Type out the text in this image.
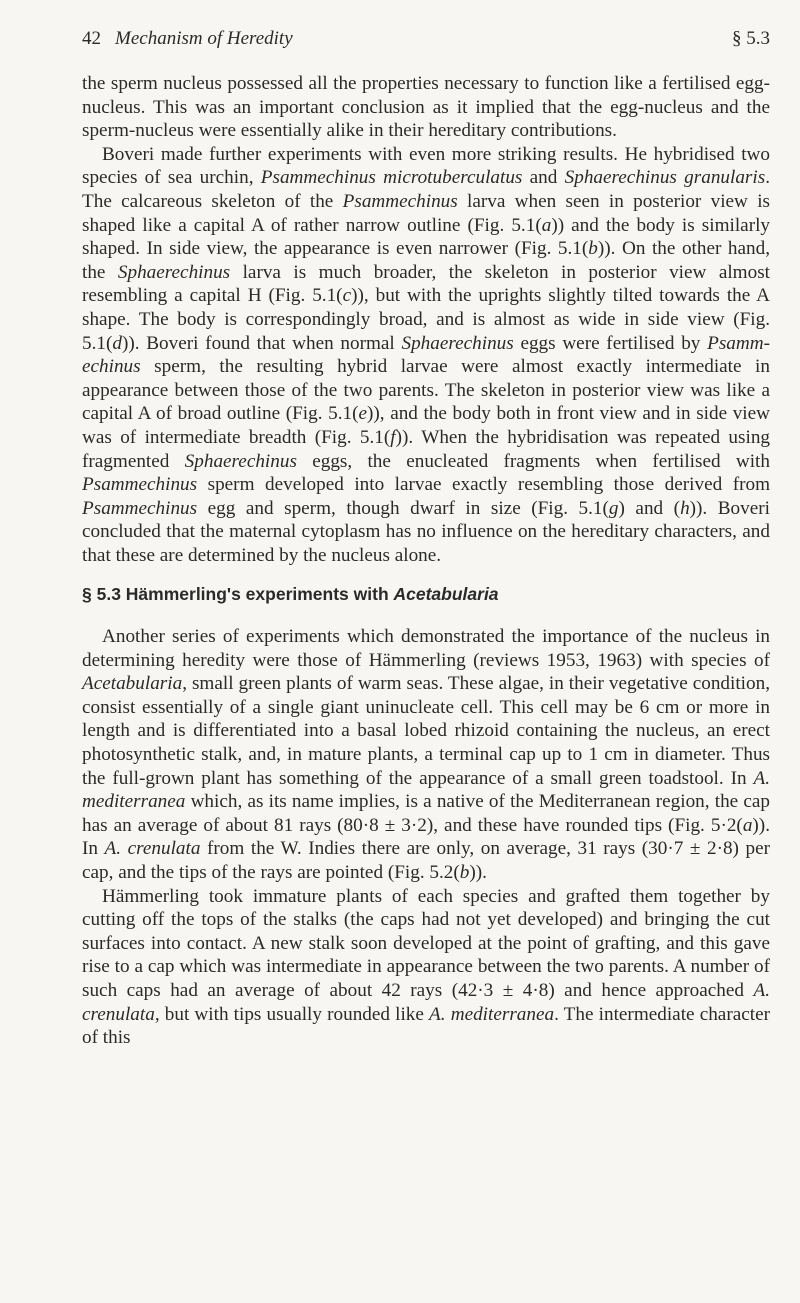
42 Mechanism of Heredity	§ 5.3

the sperm nucleus possessed all the properties necessary to function like a fertilised egg-nucleus. This was an important conclusion as it implied that the egg-nucleus and the sperm-nucleus were essentially alike in their hereditary contributions.

Boveri made further experiments with even more striking results. He hybridised two species of sea urchin, Psammechinus microtuberculatus and Sphaerechinus granularis. The calcareous skeleton of the Psammechinus larva when seen in posterior view is shaped like a capital A of rather narrow outline (Fig. 5.1(a)) and the body is similarly shaped. In side view, the appearance is even narrower (Fig. 5.1(b)). On the other hand, the Sphaerechinus larva is much broader, the skeleton in posterior view almost resembling a capital H (Fig. 5.1(c)), but with the uprights slightly tilted towards the A shape. The body is correspondingly broad, and is almost as wide in side view (Fig. 5.1(d)). Boveri found that when normal Sphaerechinus eggs were fertilised by Psamm-echinus sperm, the resulting hybrid larvae were almost exactly intermediate in appearance between those of the two parents. The skeleton in posterior view was like a capital A of broad outline (Fig. 5.1(e)), and the body both in front view and in side view was of intermediate breadth (Fig. 5.1(f)). When the hybridisation was repeated using fragmented Sphaerechinus eggs, the enucleated fragments when fertilised with Psammechinus sperm developed into larvae exactly resembling those derived from Psammechinus egg and sperm, though dwarf in size (Fig. 5.1(g) and (h)). Boveri concluded that the maternal cytoplasm has no influence on the hereditary characters, and that these are determined by the nucleus alone.

§ 5.3 Hämmerling's experiments with Acetabularia

Another series of experiments which demonstrated the importance of the nucleus in determining heredity were those of Hämmerling (reviews 1953, 1963) with species of Acetabularia, small green plants of warm seas. These algae, in their vegetative condition, consist essentially of a single giant uninucleate cell. This cell may be 6 cm or more in length and is differentiated into a basal lobed rhizoid containing the nucleus, an erect photosynthetic stalk, and, in mature plants, a terminal cap up to 1 cm in diameter. Thus the full-grown plant has something of the appearance of a small green toadstool. In A. mediterranea which, as its name implies, is a native of the Mediterranean region, the cap has an average of about 81 rays (80·8 ± 3·2), and these have rounded tips (Fig. 5·2(a)). In A. crenulata from the W. Indies there are only, on average, 31 rays (30·7 ± 2·8) per cap, and the tips of the rays are pointed (Fig. 5.2(b)).

Hämmerling took immature plants of each species and grafted them together by cutting off the tops of the stalks (the caps had not yet developed) and bringing the cut surfaces into contact. A new stalk soon developed at the point of grafting, and this gave rise to a cap which was intermediate in appearance between the two parents. A number of such caps had an average of about 42 rays (42·3 ± 4·8) and hence approached A. crenulata, but with tips usually rounded like A. mediterranea. The intermediate character of this
